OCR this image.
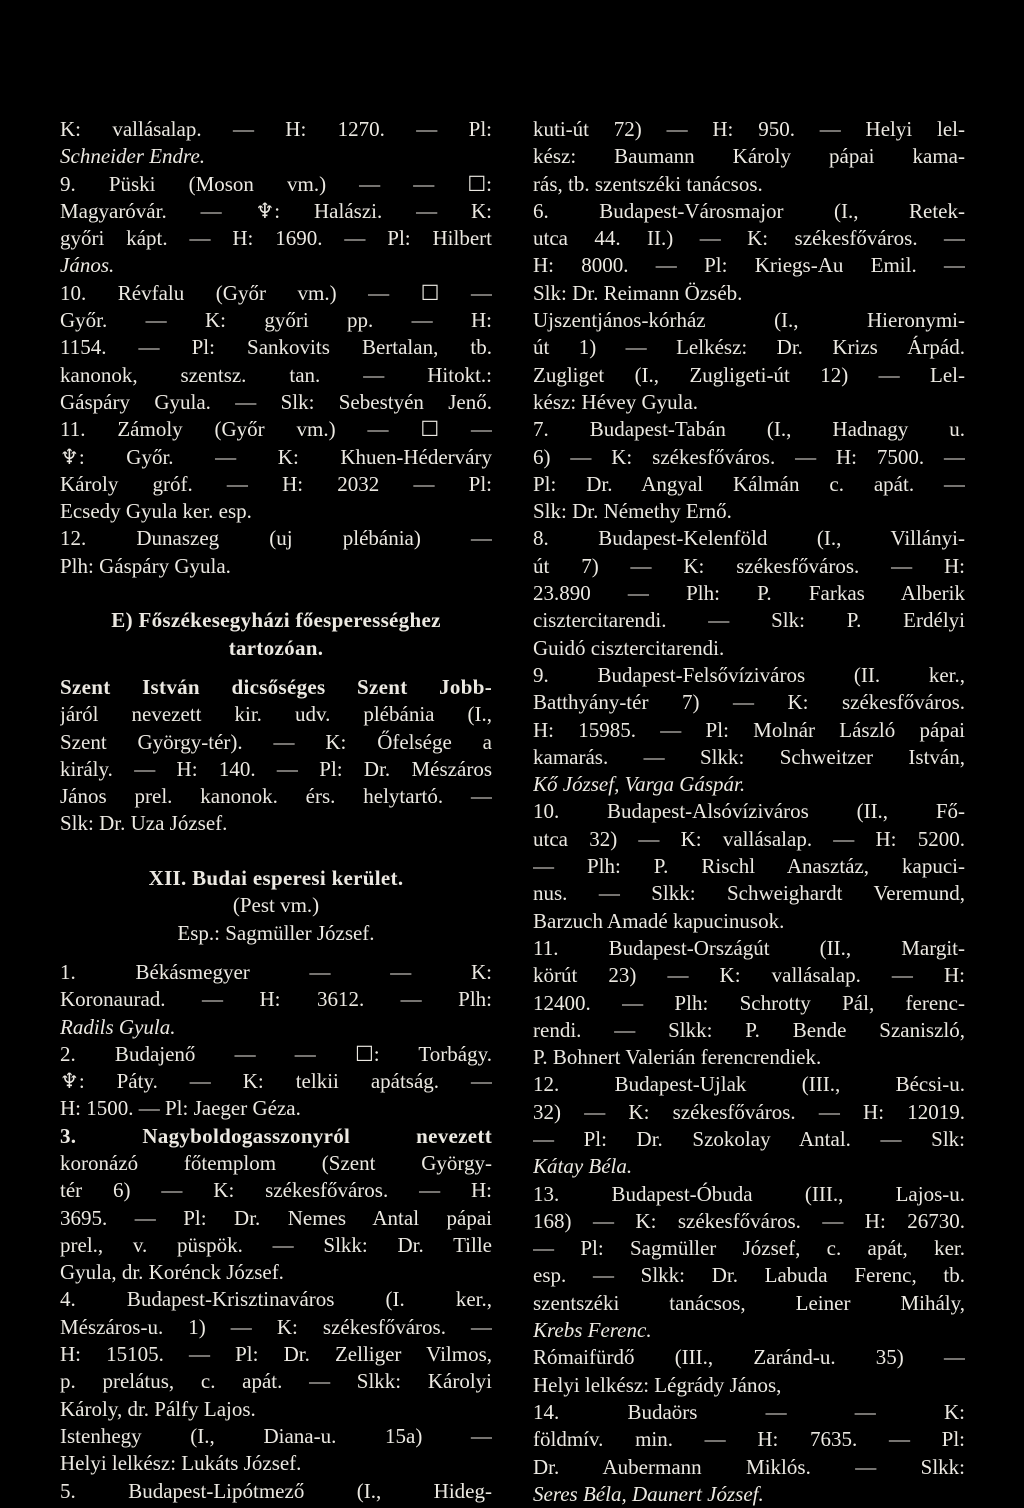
K: vallásalap. — H: 1270. — Pl:
Schneider Endre.
9. Püski (Moson vm.) — — ☐:
Magyaróvár. — ♆: Halászi. — K:
győri kápt. — H: 1690. — Pl: Hilbert
János.
10. Révfalu (Győr vm.) — ☐ —
Győr. — K: győri pp. — H:
1154. — Pl: Sankovits Bertalan, tb.
kanonok, szentsz. tan. — Hitokt.:
Gáspáry Gyula. — Slk: Sebestyén Jenő.
11. Zámoly (Győr vm.) — ☐ —
♆: Győr. — K: Khuen-Héderváry
Károly gróf. — H: 2032 — Pl:
Ecsedy Gyula ker. esp.
12. Dunaszeg (uj plébánia) —
Plh: Gáspáry Gyula.
E) Főszékesegyházi főesperességhez
tartozóan.
Szent István dicsőséges Szent Jobb-
járól nevezett kir. udv. plébánia (I.,
Szent György-tér). — K: Őfelsége a
király. — H: 140. — Pl: Dr. Mészáros
János prel. kanonok. érs. helytartó. —
Slk: Dr. Uza József.
XII. Budai esperesi kerület.
(Pest vm.)
Esp.: Sagmüller József.
1. Békásmegyer — — K:
Koronaurad. — H: 3612. — Plh:
Radils Gyula.
2. Budajenő — — ☐: Torbágy.
♆: Páty. — K: telkii apátság. —
H: 1500. — Pl: Jaeger Géza.
3. Nagyboldogasszonyról nevezett
koronázó főtemplom (Szent György-
tér 6) — K: székesfőváros. — H:
3695. — Pl: Dr. Nemes Antal pápai
prel., v. püspök. — Slkk: Dr. Tille
Gyula, dr. Korénck József.
4. Budapest-Krisztinaváros (I. ker.,
Mészáros-u. 1) — K: székesfőváros. —
H: 15105. — Pl: Dr. Zelliger Vilmos,
p. prelátus, c. apát. — Slkk: Károlyi
Károly, dr. Pálfy Lajos.
Istenhegy (I., Diana-u. 15a) —
Helyi lelkész: Lukáts József.
5. Budapest-Lipótmező (I., Hideg-
kuti-út 72) — H: 950. — Helyi lel-
kész: Baumann Károly pápai kama-
rás, tb. szentszéki tanácsos.
6. Budapest-Városmajor (I., Retek-
utca 44. II.) — K: székesfőváros. —
H: 8000. — Pl: Kriegs-Au Emil. —
Slk: Dr. Reimann Özséb.
Ujszentjános-kórház (I., Hieronymi-
út 1) — Lelkész: Dr. Krizs Árpád.
Zugliget (I., Zugligeti-út 12) — Lel-
kész: Hévey Gyula.
7. Budapest-Tabán (I., Hadnagy u.
6) — K: székesfőváros. — H: 7500. —
Pl: Dr. Angyal Kálmán c. apát. —
Slk: Dr. Némethy Ernő.
8. Budapest-Kelenföld (I., Villányi-
út 7) — K: székesfőváros. — H:
23.890 — Plh: P. Farkas Alberik
cisztercitarendi. — Slk: P. Erdélyi
Guidó cisztercitarendi.
9. Budapest-Felsővíziváros (II. ker.,
Batthyány-tér 7) — K: székesfőváros.
H: 15985. — Pl: Molnár László pápai
kamarás. — Slkk: Schweitzer István,
Kő József, Varga Gáspár.
10. Budapest-Alsóvíziváros (II., Fő-
utca 32) — K: vallásalap. — H: 5200.
— Plh: P. Rischl Anasztáz, kapuci-
nus. — Slkk: Schweighardt Veremund,
Barzuch Amadé kapucinusok.
11. Budapest-Országút (II., Margit-
körút 23) — K: vallásalap. — H:
12400. — Plh: Schrotty Pál, ferenc-
rendi. — Slkk: P. Bende Szaniszló,
P. Bohnert Valerián ferencrendiek.
12. Budapest-Ujlak (III., Bécsi-u.
32) — K: székesfőváros. — H: 12019.
— Pl: Dr. Szokolay Antal. — Slk:
Kátay Béla.
13. Budapest-Óbuda (III., Lajos-u.
168) — K: székesfőváros. — H: 26730.
— Pl: Sagmüller József, c. apát, ker.
esp. — Slkk: Dr. Labuda Ferenc, tb.
szentszéki tanácsos, Leiner Mihály,
Krebs Ferenc.
Rómaifürdő (III., Zaránd-u. 35) —
Helyi lelkész: Légrády János,
14. Budaörs — — K:
földmív. min. — H: 7635. — Pl:
Dr. Aubermann Miklós. — Slkk:
Seres Béla, Daunert József.
